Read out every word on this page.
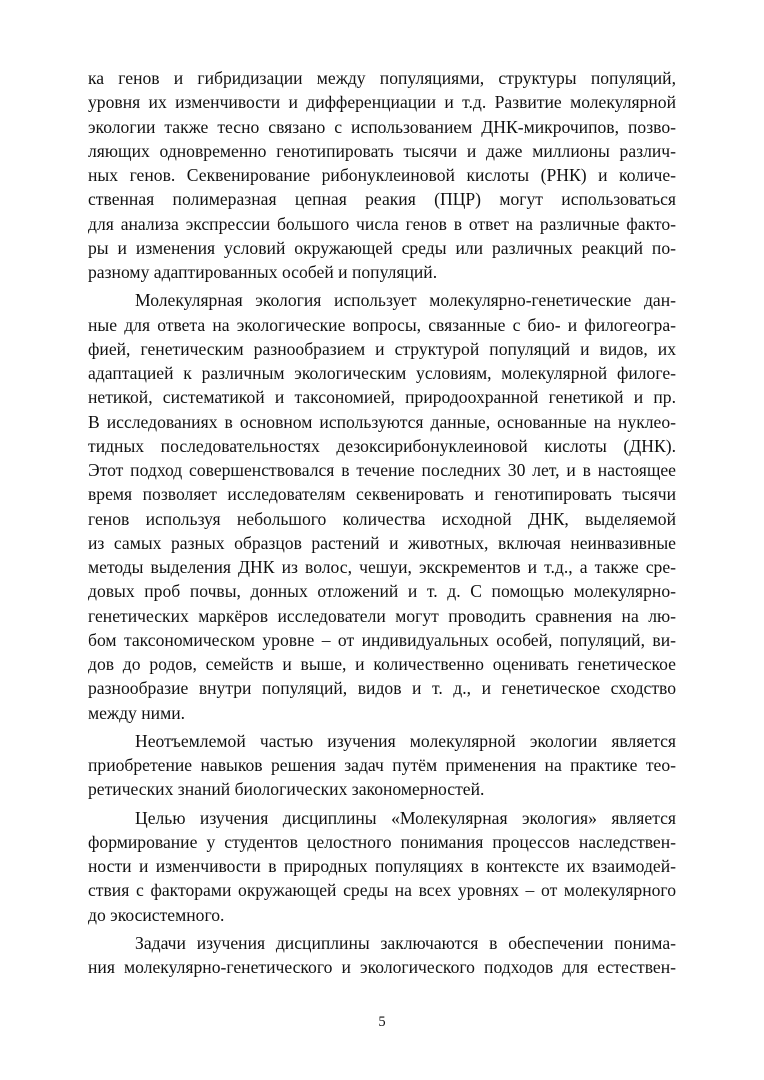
ка генов и гибридизации между популяциями, структуры популяций,
уровня их изменчивости и дифференциации и т.д. Развитие молекулярной
экологии также тесно связано с использованием ДНК-микрочипов, позво-
ляющих одновременно генотипировать тысячи и даже миллионы различ-
ных генов. Секвенирование рибонуклеиновой кислоты (РНК) и количе-
ственная полимеразная цепная реакия (ПЦР) могут использоваться
для анализа экспрессии большого числа генов в ответ на различные факто-
ры и изменения условий окружающей среды или различных реакций по-
разному адаптированных особей и популяций.
Молекулярная экология использует молекулярно-генетические дан-
ные для ответа на экологические вопросы, связанные с био- и филогеогра-
фией, генетическим разнообразием и структурой популяций и видов, их
адаптацией к различным экологическим условиям, молекулярной филоге-
нетикой, систематикой и таксономией, природоохранной генетикой и пр.
В исследованиях в основном используются данные, основанные на нуклео-
тидных последовательностях дезоксирибонуклеиновой кислоты (ДНК).
Этот подход совершенствовался в течение последних 30 лет, и в настоящее
время позволяет исследователям секвенировать и генотипировать тысячи
генов используя небольшого количества исходной ДНК, выделяемой
из самых разных образцов растений и животных, включая неинвазивные
методы выделения ДНК из волос, чешуи, экскрементов и т.д., а также сре-
довых проб почвы, донных отложений и т. д. С помощью молекулярно-
генетических маркёров исследователи могут проводить сравнения на лю-
бом таксономическом уровне – от индивидуальных особей, популяций, ви-
дов до родов, семейств и выше, и количественно оценивать генетическое
разнообразие внутри популяций, видов и т. д., и генетическое сходство
между ними.
Неотъемлемой частью изучения молекулярной экологии является
приобретение навыков решения задач путём применения на практике тео-
ретических знаний биологических закономерностей.
Целью изучения дисциплины «Молекулярная экология» является
формирование у студентов целостного понимания процессов наследствен-
ности и изменчивости в природных популяциях в контексте их взаимодей-
ствия с факторами окружающей среды на всех уровнях – от молекулярного
до экосистемного.
Задачи изучения дисциплины заключаются в обеспечении понима-
ния молекулярно-генетического и экологического подходов для естествен-
5
